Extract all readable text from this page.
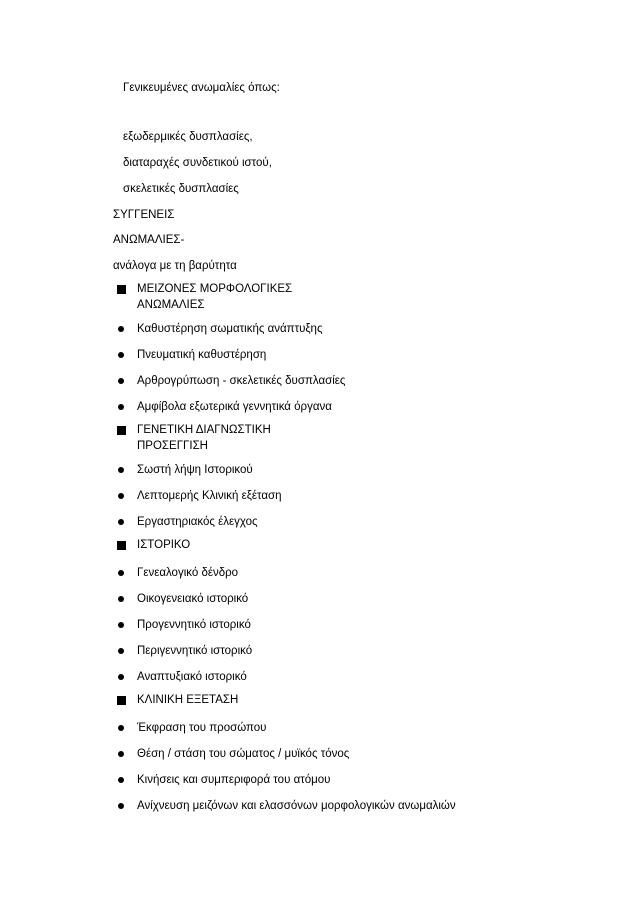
Γενικευμένες ανωμαλίες όπως:
εξωδερμικές δυσπλασίες,
διαταραχές συνδετικού ιστού,
σκελετικές δυσπλασίες
ΣΥΓΓΕΝΕΙΣ
ΑΝΩΜΑΛΙΕΣ-
ανάλογα με τη βαρύτητα
ΜΕΙΖΟΝΕΣ ΜΟΡΦΟΛΟΓΙΚΕΣ
ΑΝΩΜΑΛΙΕΣ
Καθυστέρηση σωματικής ανάπτυξης
Πνευματική καθυστέρηση
Αρθρογρύπωση - σκελετικές δυσπλασίες
Αμφίβολα εξωτερικά γεννητικά όργανα
ΓΕΝΕΤΙΚΗ ΔΙΑΓΝΩΣΤΙΚΗ
ΠΡΟΣΕΓΓΙΣΗ
Σωστή λήψη Ιστορικού
Λεπτομερής Κλινική εξέταση
Εργαστηριακός έλεγχος
ΙΣΤΟΡΙΚΟ
Γενεαλογικό δένδρο
Οικογενειακό ιστορικό
Προγεννητικό ιστορικό
Περιγεννητικό ιστορικό
Αναπτυξιακό ιστορικό
ΚΛΙΝΙΚΗ ΕΞΕΤΑΣΗ
Έκφραση του προσώπου
Θέση / στάση του σώματος / μυϊκός τόνος
Κινήσεις και συμπεριφορά του ατόμου
Ανίχνευση μειζόνων και ελασσόνων μορφολογικών ανωμαλιών
